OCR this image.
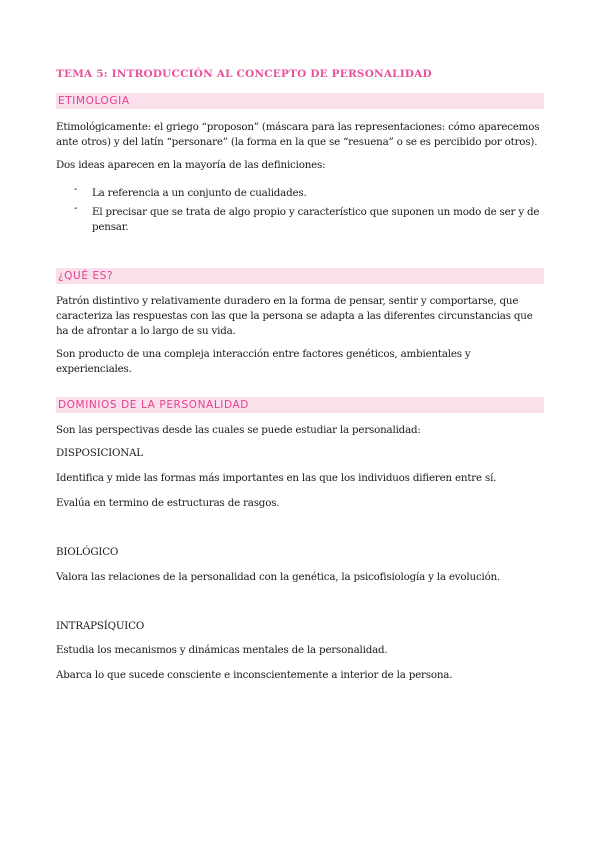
TEMA 5: INTRODUCCIÓN AL CONCEPTO DE PERSONALIDAD
ETIMOLOGIA
Etimológicamente: el griego “proposon” (máscara para las representaciones: cómo aparecemos ante otros) y del latín “personare” (la forma en la que se “resuena” o se es percibido por otros).
Dos ideas aparecen en la mayoría de las definiciones:
- La referencia a un conjunto de cualidades.
- El precisar que se trata de algo propio y característico que suponen un modo de ser y de pensar.
¿QUÉ ES?
Patrón distintivo y relativamente duradero en la forma de pensar, sentir y comportarse, que caracteriza las respuestas con las que la persona se adapta a las diferentes circunstancias que ha de afrontar a lo largo de su vida.
Son producto de una compleja interacción entre factores genéticos, ambientales y experienciales.
DOMINIOS DE LA PERSONALIDAD
Son las perspectivas desde las cuales se puede estudiar la personalidad:
DISPOSICIONAL
Identifica y mide las formas más importantes en las que los individuos difieren entre sí.
Evalúa en termino de estructuras de rasgos.
BIOLÓGICO
Valora las relaciones de la personalidad con la genética, la psicofisiología y la evolución.
INTRAPSÍQUICO
Estudia los mecanismos y dinámicas mentales de la personalidad.
Abarca lo que sucede consciente e inconscientemente a interior de la persona.
